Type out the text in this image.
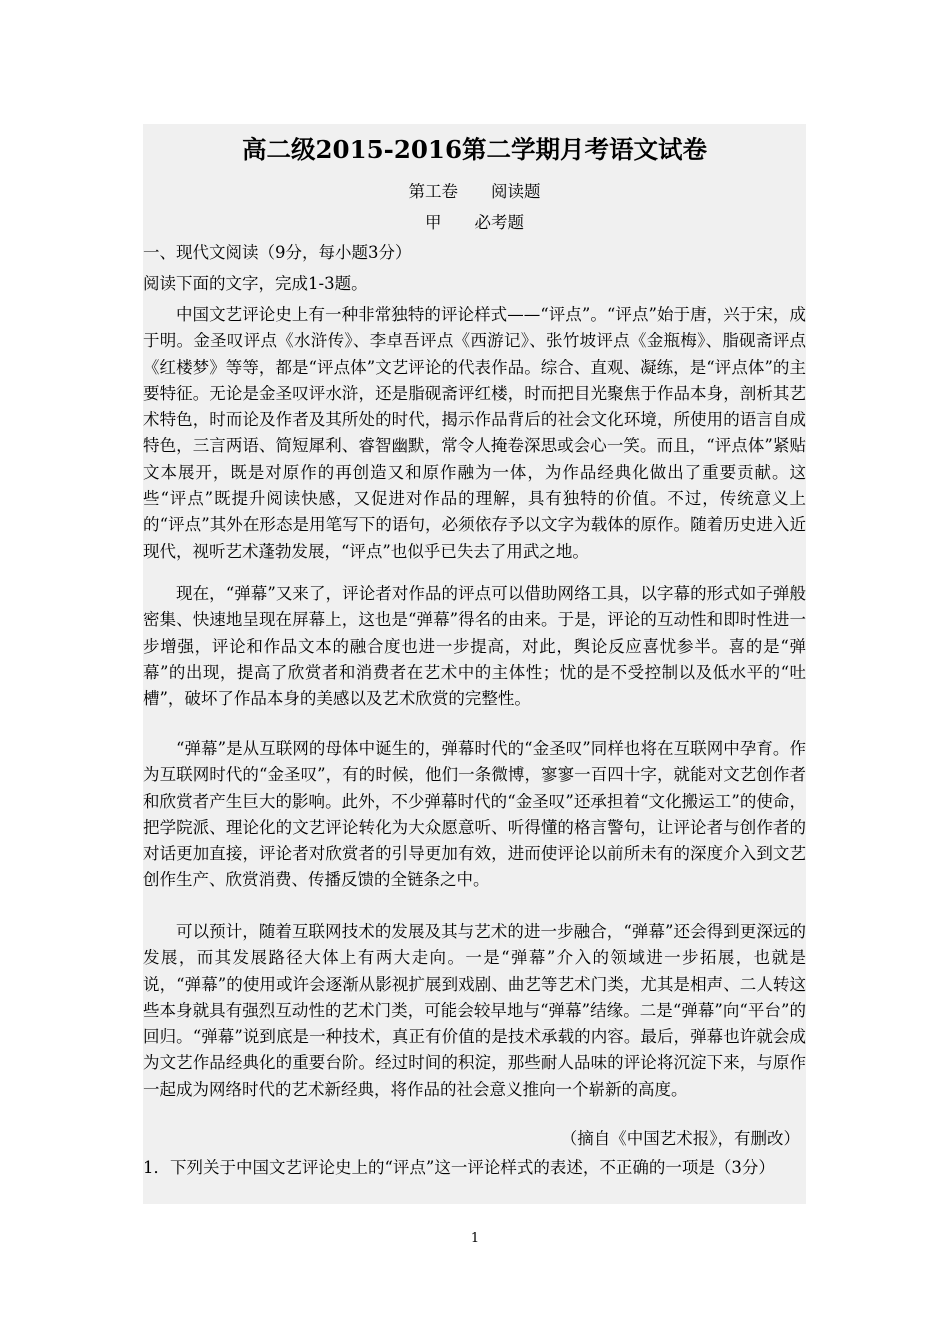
高二级2015-2016第二学期月考语文试卷
第工卷　　阅读题
甲　　必考题
一、现代文阅读（9分，每小题3分）
阅读下面的文字，完成1-3题。

中国文艺评论史上有一种非常独特的评论样式——“评点”。“评点”始于唐，兴于宋，成于明。金圣叹评点《水浒传》、李卓吾评点《西游记》、张竹坡评点《金瓶梅》、脂砚斋评点《红楼梦》等等，都是“评点体”文艺评论的代表作品。综合、直观、凝练，是“评点体”的主要特征。无论是金圣叹评水浒，还是脂砚斋评红楼，时而把目光聚焦于作品本身，剖析其艺术特色，时而论及作者及其所处的时代，揭示作品背后的社会文化环境，所使用的语言自成特色，三言两语、简短犀利、睿智幽默，常令人掩卷深思或会心一笑。而且，“评点体”紧贴文本展开，既是对原作的再创造又和原作融为一体，为作品经典化做出了重要贡献。这些“评点”既提升阅读快感，又促进对作品的理解，具有独特的价值。不过，传统意义上的“评点”其外在形态是用笔写下的语句，必须依存予以文字为载体的原作。随着历史进入近现代，视听艺术蓬勃发展，“评点”也似乎已失去了用武之地。

现在，“弹幕”又来了，评论者对作品的评点可以借助网络工具，以字幕的形式如子弹般密集、快速地呈现在屏幕上，这也是“弹幕”得名的由来。于是，评论的互动性和即时性进一步增强，评论和作品文本的融合度也进一步提高，对此，舆论反应喜忧参半。喜的是“弹幕”的出现，提高了欣赏者和消费者在艺术中的主体性；忧的是不受控制以及低水平的“吐槽”，破坏了作品本身的美感以及艺术欣赏的完整性。

“弹幕”是从互联网的母体中诞生的，弹幕时代的“金圣叹”同样也将在互联网中孕育。作为互联网时代的“金圣叹”，有的时候，他们一条微博，寥寥一百四十字，就能对文艺创作者和欣赏者产生巨大的影响。此外，不少弹幕时代的“金圣叹”还承担着“文化搬运工”的使命，把学院派、理论化的文艺评论转化为大众愿意听、听得懂的格言警句，让评论者与创作者的对话更加直接，评论者对欣赏者的引导更加有效，进而使评论以前所未有的深度介入到文艺创作生产、欣赏消费、传播反馈的全链条之中。

可以预计，随着互联网技术的发展及其与艺术的进一步融合，“弹幕”还会得到更深远的发展，而其发展路径大体上有两大走向。一是“弹幕”介入的领域进一步拓展，也就是说，“弹幕”的使用或许会逐渐从影视扩展到戏剧、曲艺等艺术门类，尤其是相声、二人转这些本身就具有强烈互动性的艺术门类，可能会较早地与“弹幕”结缘。二是“弹幕”向“平台”的回归。“弹幕”说到底是一种技术，真正有价值的是技术承载的内容。最后，弹幕也许就会成为文艺作品经典化的重要台阶。经过时间的积淀，那些耐人品味的评论将沉淀下来，与原作一起成为网络时代的艺术新经典，将作品的社会意义推向一个崭新的高度。

（摘自《中国艺术报》，有删改）

1．下列关于中国文艺评论史上的“评点”这一评论样式的表述，不正确的一项是（3分）

1
